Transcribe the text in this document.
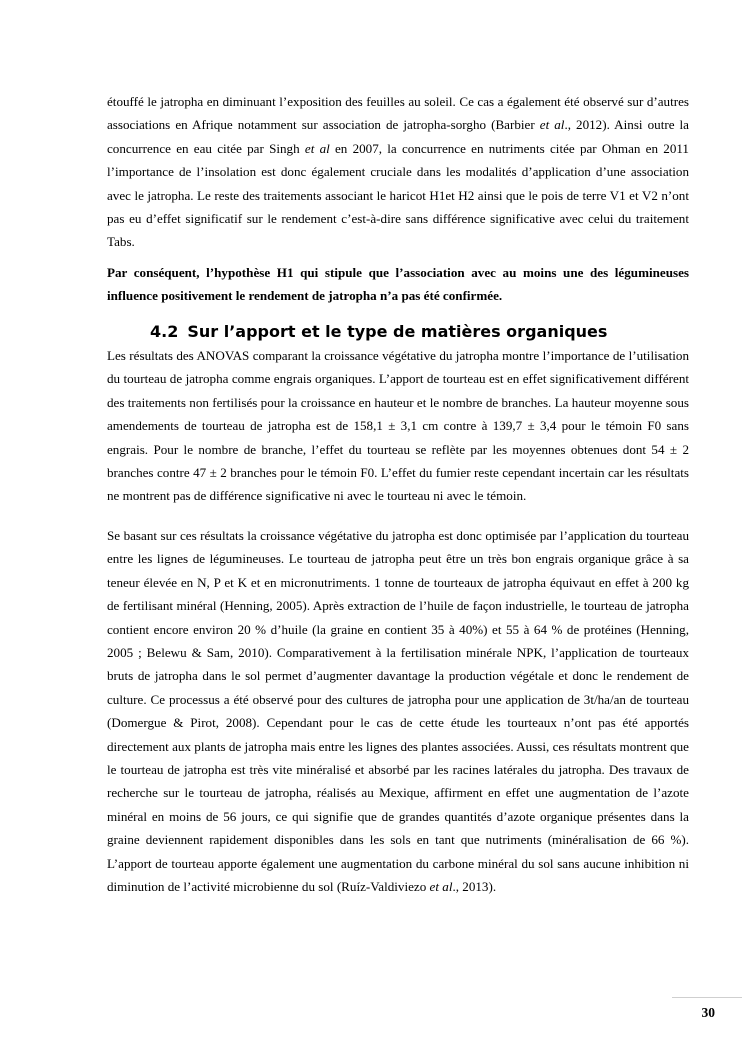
étouffé le jatropha en diminuant l’exposition des feuilles au soleil. Ce cas a également été observé sur d’autres associations en Afrique notamment sur association de jatropha-sorgho (Barbier et al., 2012). Ainsi outre la concurrence en eau citée par Singh et al en 2007, la concurrence en nutriments citée par Ohman en 2011 l’importance de l’insolation est donc également cruciale dans les modalités d’application d’une association avec le jatropha. Le reste des traitements associant le haricot H1et H2 ainsi que le pois de terre V1 et V2 n’ont pas eu d’effet significatif sur le rendement c’est-à-dire sans différence significative avec celui du traitement Tabs.

Par conséquent, l’hypothèse H1 qui stipule que l’association avec au moins une des légumineuses influence positivement le rendement de jatropha n’a pas été confirmée.

4.2 Sur l’apport et le type de matières organiques

Les résultats des ANOVAS comparant la croissance végétative du jatropha montre l’importance de l’utilisation du tourteau de jatropha comme engrais organiques. L’apport de tourteau est en effet significativement différent des traitements non fertilisés pour la croissance en hauteur et le nombre de branches. La hauteur moyenne sous amendements de tourteau de jatropha est de 158,1 ± 3,1 cm contre à 139,7 ± 3,4 pour le témoin F0 sans engrais. Pour le nombre de branche, l’effet du tourteau se reflète par les moyennes obtenues dont 54 ± 2 branches contre 47 ± 2 branches pour le témoin F0. L’effet du fumier reste cependant incertain car les résultats ne montrent pas de différence significative ni avec le tourteau ni avec le témoin.

Se basant sur ces résultats la croissance végétative du jatropha est donc optimisée par l’application du tourteau entre les lignes de légumineuses. Le tourteau de jatropha peut être un très bon engrais organique grâce à sa teneur élevée en N, P et K et en micronutriments. 1 tonne de tourteaux de jatropha équivaut en effet à 200 kg de fertilisant minéral (Henning, 2005). Après extraction de l’huile de façon industrielle, le tourteau de jatropha contient encore environ 20 % d’huile (la graine en contient 35 à 40%) et 55 à 64 % de protéines (Henning, 2005 ; Belewu & Sam, 2010). Comparativement à la fertilisation minérale NPK, l’application de tourteaux bruts de jatropha dans le sol permet d’augmenter davantage la production végétale et donc le rendement de culture. Ce processus a été observé pour des cultures de jatropha pour une application de 3t/ha/an de tourteau (Domergue & Pirot, 2008). Cependant pour le cas de cette étude les tourteaux n’ont pas été apportés directement aux plants de jatropha mais entre les lignes des plantes associées. Aussi, ces résultats montrent que le tourteau de jatropha est très vite minéralisé et absorbé par les racines latérales du jatropha. Des travaux de recherche sur le tourteau de jatropha, réalisés au Mexique, affirment en effet une augmentation de l’azote minéral en moins de 56 jours, ce qui signifie que de grandes quantités d’azote organique présentes dans la graine deviennent rapidement disponibles dans les sols en tant que nutriments (minéralisation de 66 %). L’apport de tourteau apporte également une augmentation du carbone minéral du sol sans aucune inhibition ni diminution de l’activité microbienne du sol (Ruíz-Valdiviezo et al., 2013).

30
